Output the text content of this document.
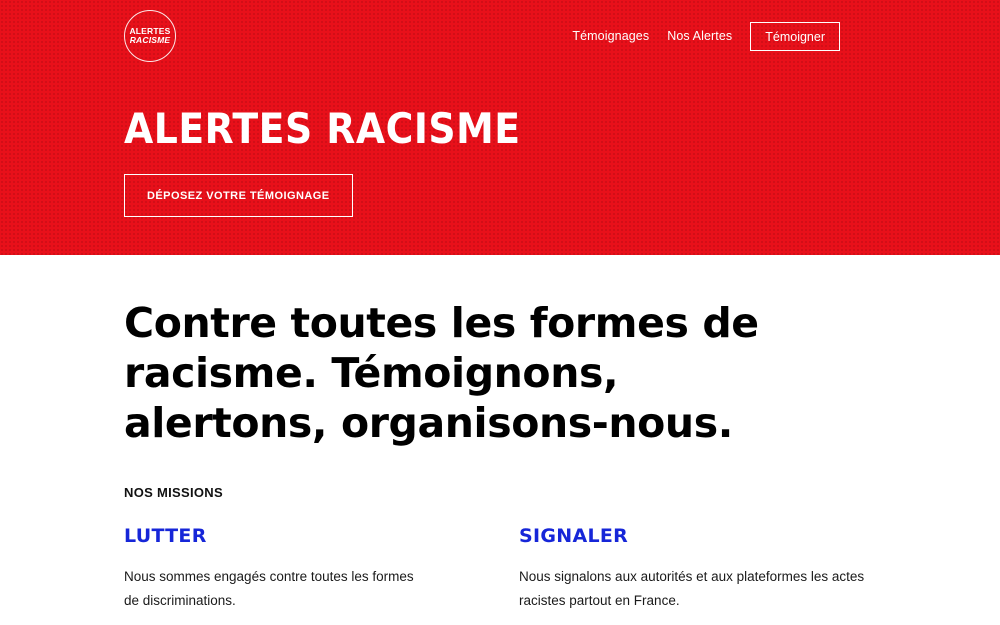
ALERTES
RACISME	Témoignages Nos Alertes	Témoigner
ALERTES RACISME
DÉPOSEZ VOTRE TÉMOIGNAGE
Contre toutes les formes de racisme. Témoignons, alertons, organisons-nous.
NOS MISSIONS
LUTTER

Nous sommes engagés contre toutes les formes de discriminations.

SIGNALER

Nous signalons aux autorités et aux plateformes les actes racistes partout en France.
